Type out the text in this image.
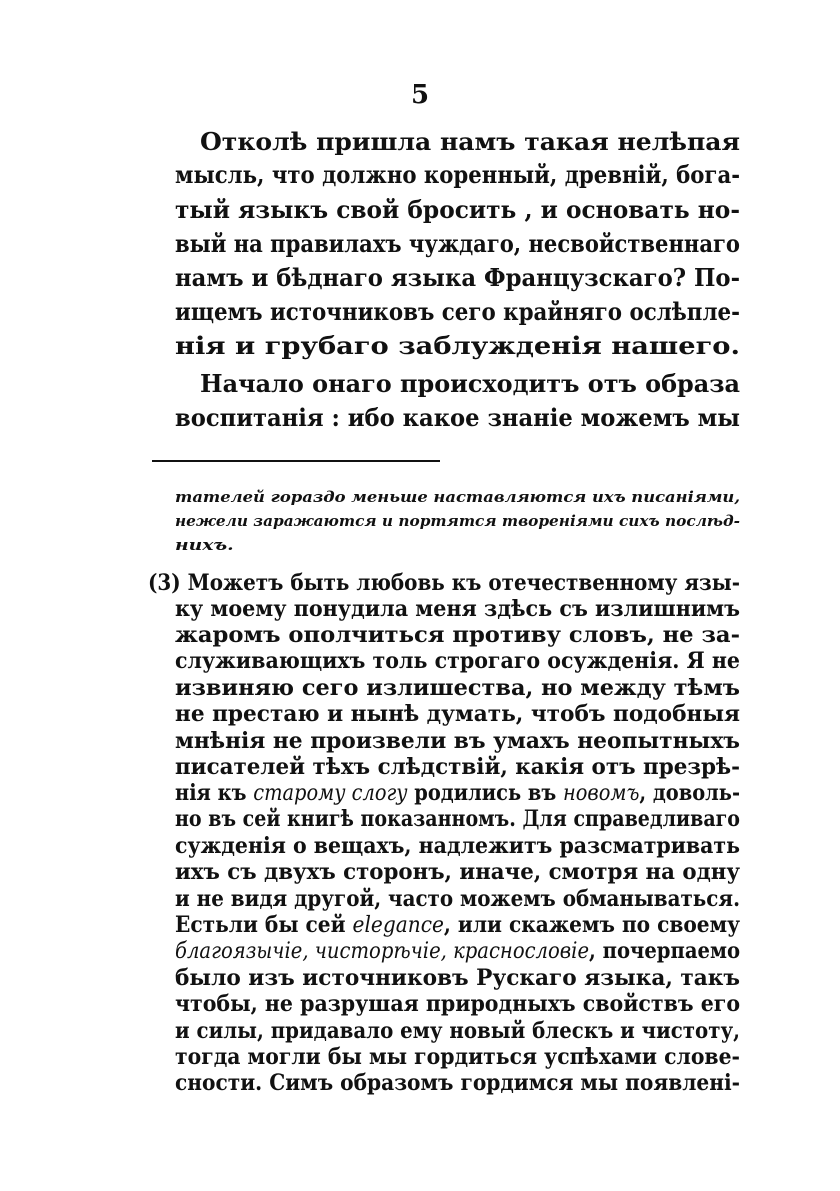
5
Отколѣ пришла намъ такая нелѣпая
мысль, что должно коренный, древній, бога-
тый языкъ свой бросить , и основать но-
вый на правилахъ чуждаго, несвойственнаго
намъ и бѣднаго языка Французскаго? По-
ищемъ источниковъ сего крайняго ослѣпле-
нія и грубаго заблужденія нашего.
Начало онаго происходитъ отъ образа
воспитанія : ибо какое знаніе можемъ мы
тателей гораздо меньше наставляются ихъ писаніями,
нежели заражаются и портятся твореніями сихъ послѣд-
нихъ.
(3) Можетъ быть любовь къ отечественному язы-
ку моему понудила меня здѣсь съ излишнимъ
жаромъ ополчиться противу словъ, не за-
служивающихъ толь строгаго осужденія. Я не
извиняю сего излишества, но между тѣмъ
не престаю и нынѣ думать, чтобъ подобныя
мнѣнія не произвели въ умахъ неопытныхъ
писателей тѣхъ слѣдствій, какія отъ презрѣ-
нія къ старому слогу родились въ новомъ, доволь-
но въ сей книгѣ показанномъ. Для справедливаго
сужденія о вещахъ, надлежитъ разсматривать
ихъ съ двухъ сторонъ, иначе, смотря на одну
и не видя другой, часто можемъ обманываться.
Естьли бы сей elegance, или скажемъ по своему
благоязычіе, чистоpѣчіе, краснословіе, почерпаемо
было изъ источниковъ Рускаго языка, такъ
чтобы, не разрушая природныхъ свойствъ его
и силы, придавало ему новый блескъ и чистоту,
тогда могли бы мы гордиться успѣхами слове-
сности. Симъ образомъ гордимся мы появлені-
